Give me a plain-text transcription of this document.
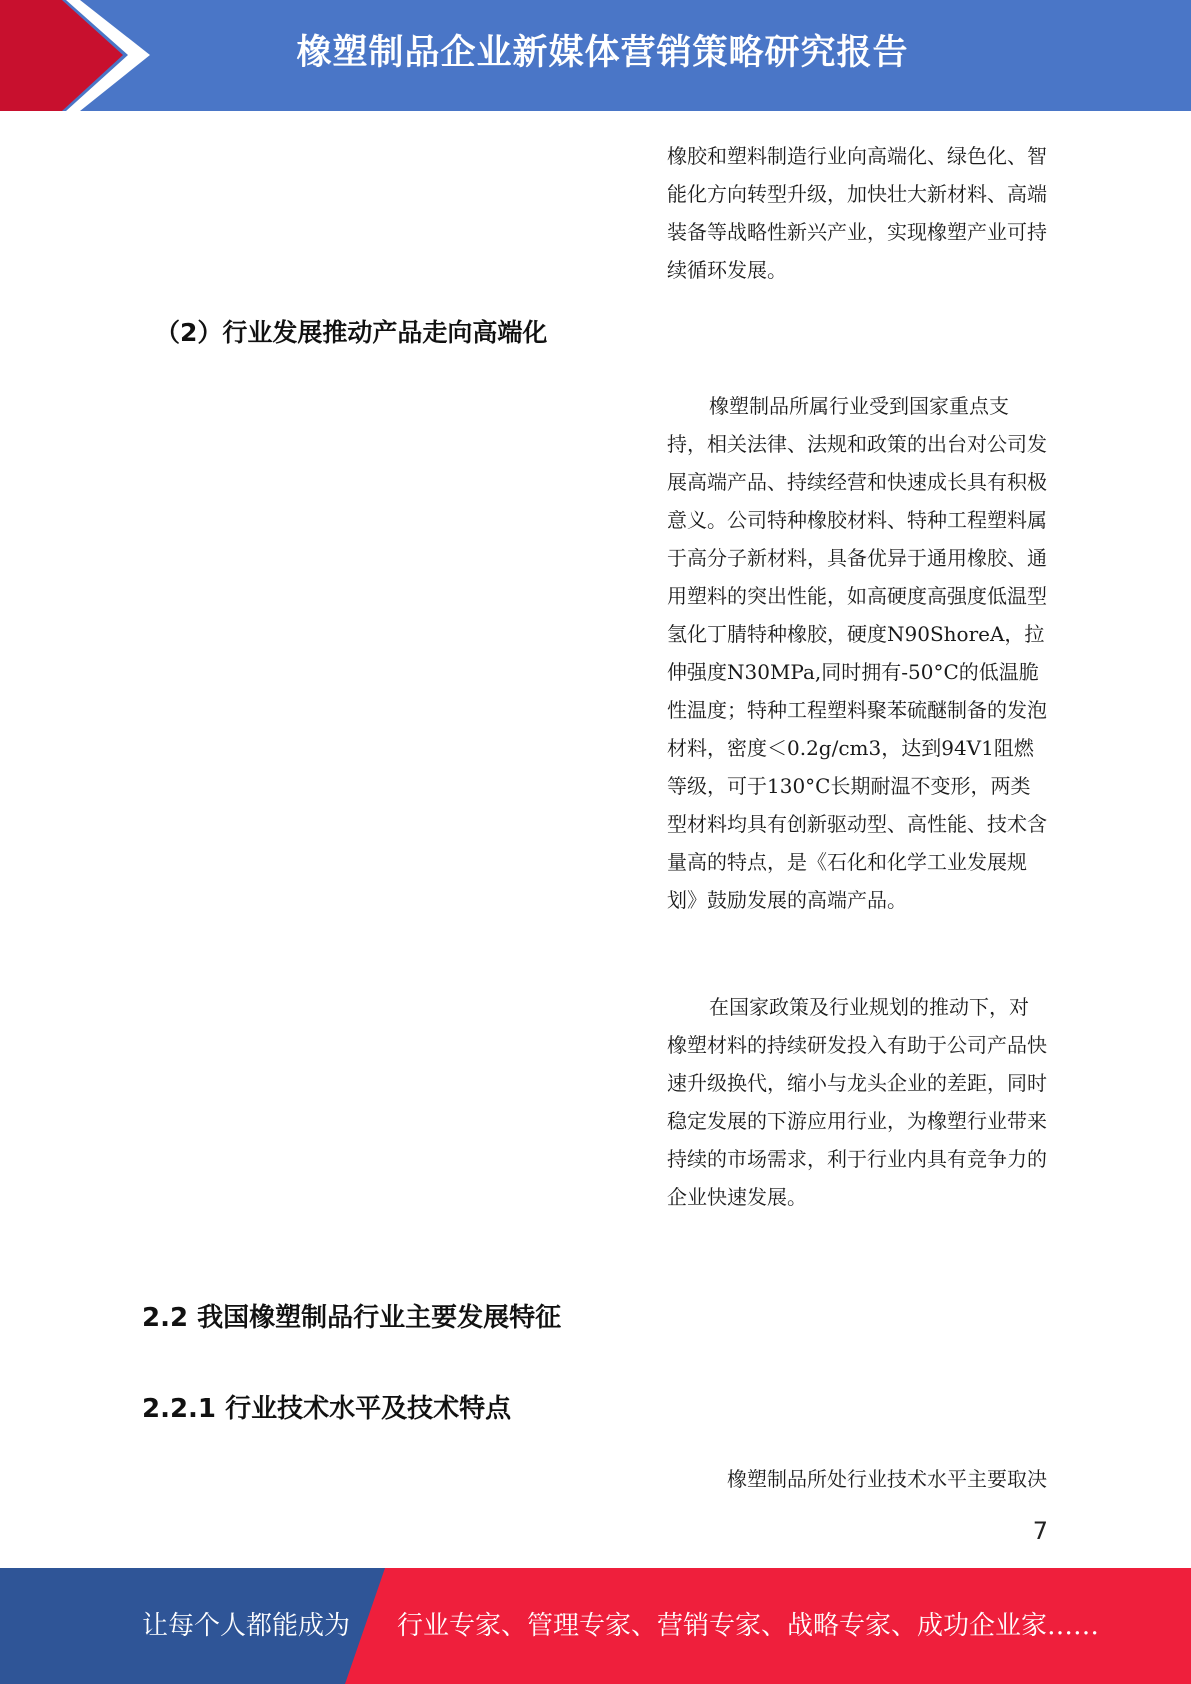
橡塑制品企业新媒体营销策略研究报告

橡胶和塑料制造行业向高端化、绿色化、智能化方向转型升级，加快壮大新材料、高端装备等战略性新兴产业，实现橡塑产业可持续循环发展。

（2）行业发展推动产品走向高端化

橡塑制品所属行业受到国家重点支持，相关法律、法规和政策的出台对公司发展高端产品、持续经营和快速成长具有积极意义。公司特种橡胶材料、特种工程塑料属于高分子新材料，具备优异于通用橡胶、通用塑料的突出性能，如高硬度高强度低温型氢化丁腈特种橡胶，硬度N90ShoreA，拉伸强度N30MPa,同时拥有-50°C的低温脆性温度；特种工程塑料聚苯硫醚制备的发泡材料，密度＜0.2g/cm3，达到94V1阻燃等级，可于130°C长期耐温不变形，两类型材料均具有创新驱动型、高性能、技术含量高的特点，是《石化和化学工业发展规划》鼓励发展的高端产品。

在国家政策及行业规划的推动下，对橡塑材料的持续研发投入有助于公司产品快速升级换代，缩小与龙头企业的差距，同时稳定发展的下游应用行业，为橡塑行业带来持续的市场需求，利于行业内具有竞争力的企业快速发展。

2.2 我国橡塑制品行业主要发展特征
2.2.1 行业技术水平及技术特点

橡塑制品所处行业技术水平主要取决

7
让每个人都能成为 行业专家、管理专家、营销专家、战略专家、成功企业家……
